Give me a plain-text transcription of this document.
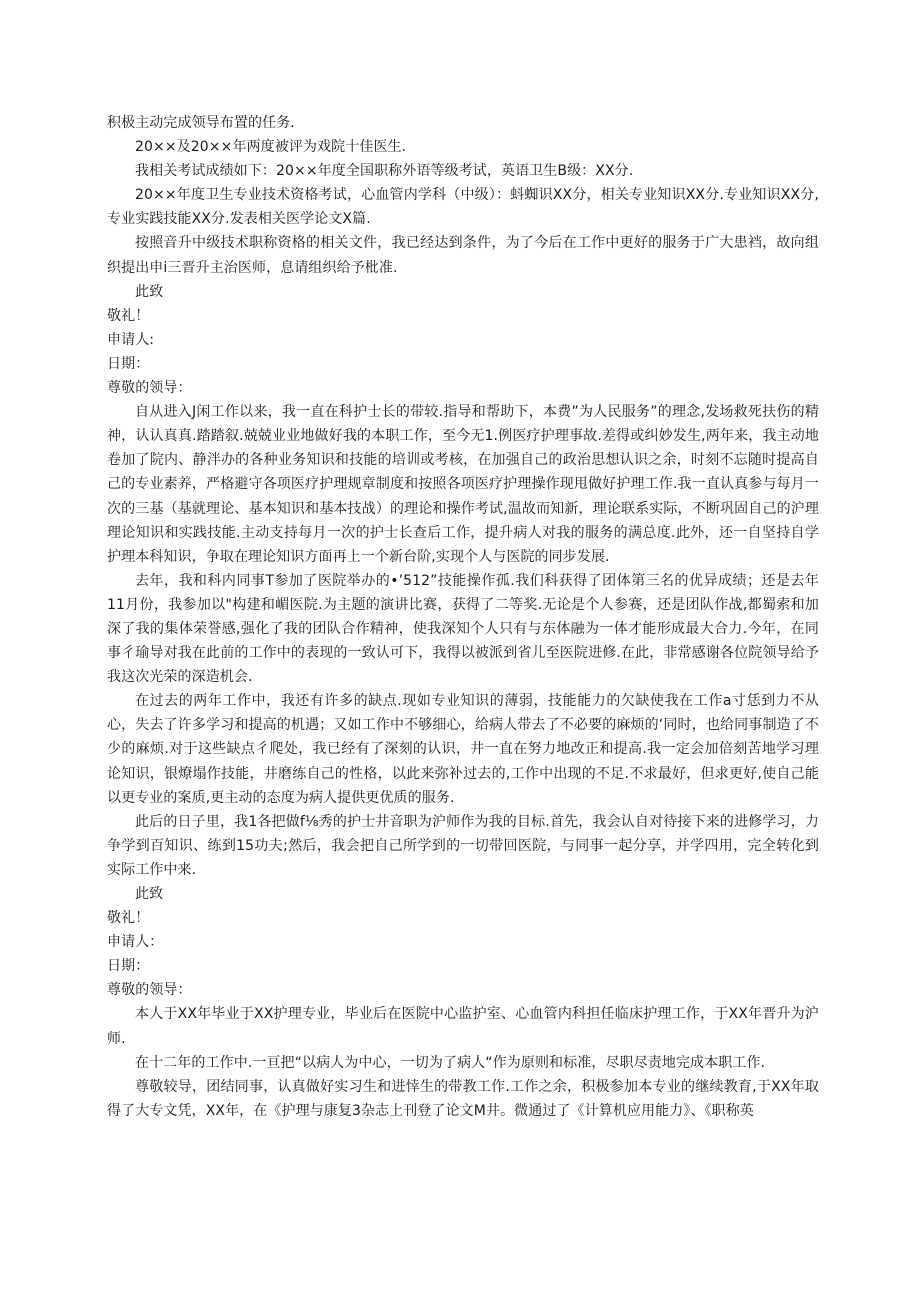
积极主动完成领导布置的任务.

20××及20××年两度被评为戏院十佳医生.

我相关考试成绩如下：20××年度全国职称外语等级考试，英语卫生B级：XX分.

20××年度卫生专业技术资格考试，心血管内学科（中级）：蚪蜘识XX分，相关专业知识XX分.专业知识XX分,专业实践技能XX分.发表相关医学论文X篇.

按照音升中级技术职称资格的相关文件，我已经达到条件，为了今后在工作中更好的服务于广大患裆，故向组织提出申i三晋升主治医师，息请组织给予枇准.

此致

敬礼！

申请人:

日期：

尊敬的领导：

自从进入J闲工作以来，我一直在科护士长的带较.指导和帮助下，本费”为人民服务”的理念,发场救死扶伤的精神，认认真真.踏踏叙.兢兢业业地做好我的本职工作，至今无1.例医疗护理事故.差得或纠妙发生,两年来，我主动地卷加了院内、静泮办的各种业务知识和技能的培训或考核，在加强自己的政治思想认识之余，时刻不忘随时提高自己的专业素养，严格避守各项医疗护理规章制度和按照各项医疗护理操作现甩做好护理工作.我一直认真参与每月一次的三基（基就理论、基本知识和基本技战）的理论和操作考试,温故而知新，理论联系实际，不断巩固自己的沪理理论知识和实践技能.主动支持每月一次的护士长查后工作，提升病人对我的服务的满总度.此外，还一自坚持自学护理本科知识，争取在理论知识方面再上一个新台阶,实现个人与医院的同步发展.

去年，我和科内同事T参加了医院举办的•’512”技能操作孤.我们科获得了团体第三名的优异成绩；还是去年11月份，我参加以"构建和嵋医院.为主题的演讲比赛，获得了二等奖.无论是个人参赛，还是团队作战,都蜀索和加深了我的集体荣誉感,强化了我的团队合作精神，使我深知个人只有与东体融为一体才能形成最大合力.今年，在同事彳瑜导对我在此前的工作中的表现的一致认可下，我得以被派到省儿至医院进修.在此，非常感谢各位院领导给予我这次光荣的深造机会.

在过去的两年工作中，我还有许多的缺点.现如专业知识的薄弱，技能能力的欠缺使我在工作a寸恁到力不从心，失去了许多学习和提高的机遇；又如工作中不够细心，给病人带去了不必要的麻烦的‘同时，也给同事制造了不少的麻烦.对于这些缺点彳爬处，我已经有了深刻的认识，井一直在努力地改正和提高.我一定会加倍刻苦地学习理论知识，银燎塌作技能，井磨练自己的性格，以此来弥补过去的,工作中出现的不足.不求最好，但求更好,使自己能以更专业的案质,更主动的态度为病人提供更优质的服务.

此后的日子里，我1各把做f⅛秀的护士井音职为沪师作为我的目标.首先，我会认自对待接下来的进修学习，力争学到百知识、练到15功夫;然后，我会把自己所学到的一切带回医院，与同事一起分享，并学四用，完全转化到实际工作中来.

此致

敬礼！

申请人：

日期：

尊敬的领导：

本人于XX年毕业于XX护理专业，毕业后在医院中心监护室、心血管内科担任临床护理工作，于XX年晋升为沪师.

在十二年的工作中.一亘把“以病人为中心，一切为了病人“作为原则和标准，尽职尽责地完成本职工作.

尊敬较导，团结同事，认真做好实习生和进悻生的带教工作.工作之余，积极参加本专业的继续教育,于XX年取得了大专文凭，XX年，在《护理与康复3杂志上刊登了论文M井。微通过了《计算机应用能力》、《职称英
